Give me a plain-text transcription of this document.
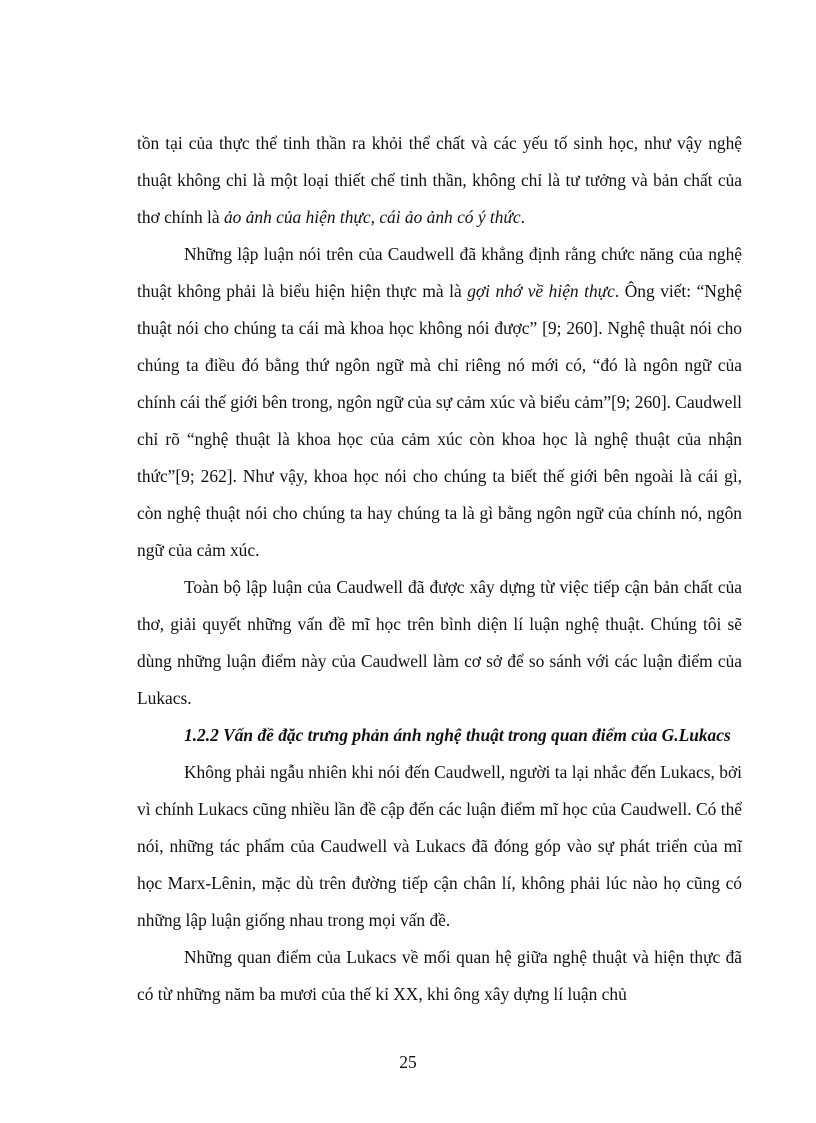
tồn tại của thực thể tinh thần ra khỏi thể chất và các yếu tố sinh học, như vậy nghệ thuật không chỉ là một loại thiết chế tinh thần, không chỉ là tư tưởng và bản chất của thơ chính là ảo ảnh của hiện thực, cái ảo ảnh có ý thức.

Những lập luận nói trên của Caudwell đã khẳng định rằng chức năng của nghệ thuật không phải là biểu hiện hiện thực mà là gợi nhớ về hiện thực. Ông viết: “Nghệ thuật nói cho chúng ta cái mà khoa học không nói được” [9; 260]. Nghệ thuật nói cho chúng ta điều đó bằng thứ ngôn ngữ mà chỉ riêng nó mới có, “đó là ngôn ngữ của chính cái thế giới bên trong, ngôn ngữ của sự cảm xúc và biểu cảm”[9; 260]. Caudwell chỉ rõ “nghệ thuật là khoa học của cảm xúc còn khoa học là nghệ thuật của nhận thức”[9; 262]. Như vậy, khoa học nói cho chúng ta biết thế giới bên ngoài là cái gì, còn nghệ thuật nói cho chúng ta hay chúng ta là gì bằng ngôn ngữ của chính nó, ngôn ngữ của cảm xúc.

Toàn bộ lập luận của Caudwell đã được xây dựng từ việc tiếp cận bản chất của thơ, giải quyết những vấn đề mĩ học trên bình diện lí luận nghệ thuật. Chúng tôi sẽ dùng những luận điểm này của Caudwell làm cơ sở để so sánh với các luận điểm của Lukacs.

1.2.2 Vấn đề đặc trưng phản ánh nghệ thuật trong quan điểm của G.Lukacs

Không phải ngẫu nhiên khi nói đến Caudwell, người ta lại nhắc đến Lukacs, bởi vì chính Lukacs cũng nhiều lần đề cập đến các luận điểm mĩ học của Caudwell. Có thể nói, những tác phẩm của Caudwell và Lukacs đã đóng góp vào sự phát triển của mĩ học Marx-Lênin, mặc dù trên đường tiếp cận chân lí, không phải lúc nào họ cũng có những lập luận giống nhau trong mọi vấn đề.

Những quan điểm của Lukacs về mối quan hệ giữa nghệ thuật và hiện thực đã có từ những năm ba mươi của thế kỉ XX, khi ông xây dựng lí luận chủ

25
